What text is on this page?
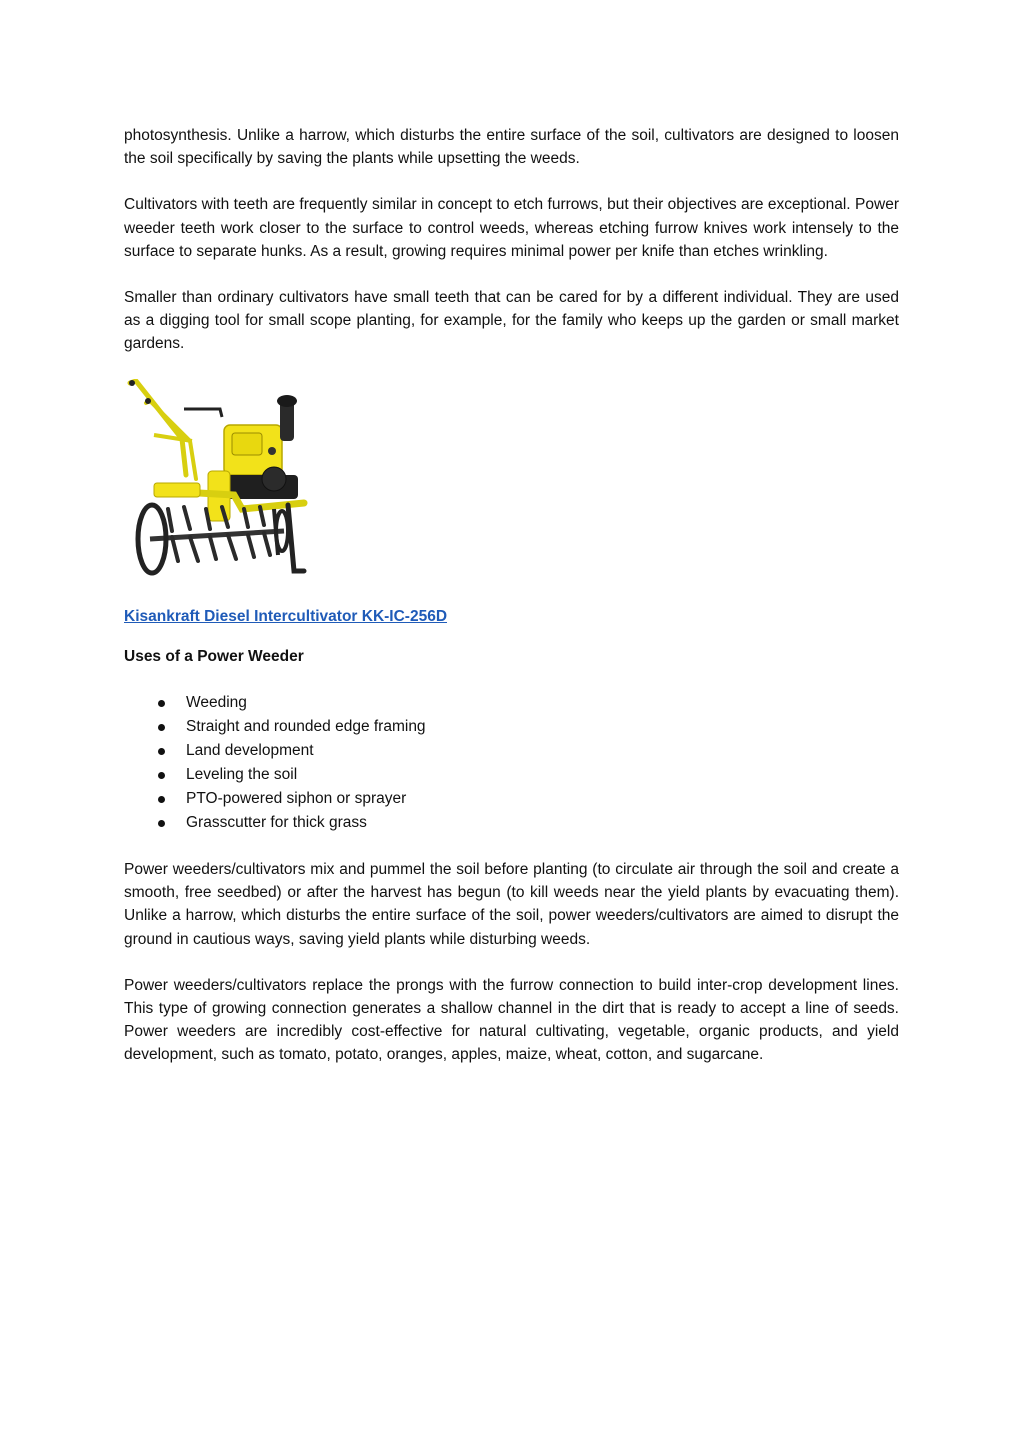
photosynthesis. Unlike a harrow, which disturbs the entire surface of the soil, cultivators are designed to loosen the soil specifically by saving the plants while upsetting the weeds.

Cultivators with teeth are frequently similar in concept to etch furrows, but their objectives are exceptional. Power weeder teeth work closer to the surface to control weeds, whereas etching furrow knives work intensely to the surface to separate hunks. As a result, growing requires minimal power per knife than etches wrinkling.

Smaller than ordinary cultivators have small teeth that can be cared for by a different individual. They are used as a digging tool for small scope planting, for example, for the family who keeps up the garden or small market gardens.

Kisankraft Diesel Intercultivator KK-IC-256D

Uses of a Power Weeder

Weeding
Straight and rounded edge framing
Land development
Leveling the soil
PTO-powered siphon or sprayer
Grasscutter for thick grass

Power weeders/cultivators mix and pummel the soil before planting (to circulate air through the soil and create a smooth, free seedbed) or after the harvest has begun (to kill weeds near the yield plants by evacuating them). Unlike a harrow, which disturbs the entire surface of the soil, power weeders/cultivators are aimed to disrupt the ground in cautious ways, saving yield plants while disturbing weeds.

Power weeders/cultivators replace the prongs with the furrow connection to build inter-crop development lines. This type of growing connection generates a shallow channel in the dirt that is ready to accept a line of seeds. Power weeders are incredibly cost-effective for natural cultivating, vegetable, organic products, and yield development, such as tomato, potato, oranges, apples, maize, wheat, cotton, and sugarcane.
